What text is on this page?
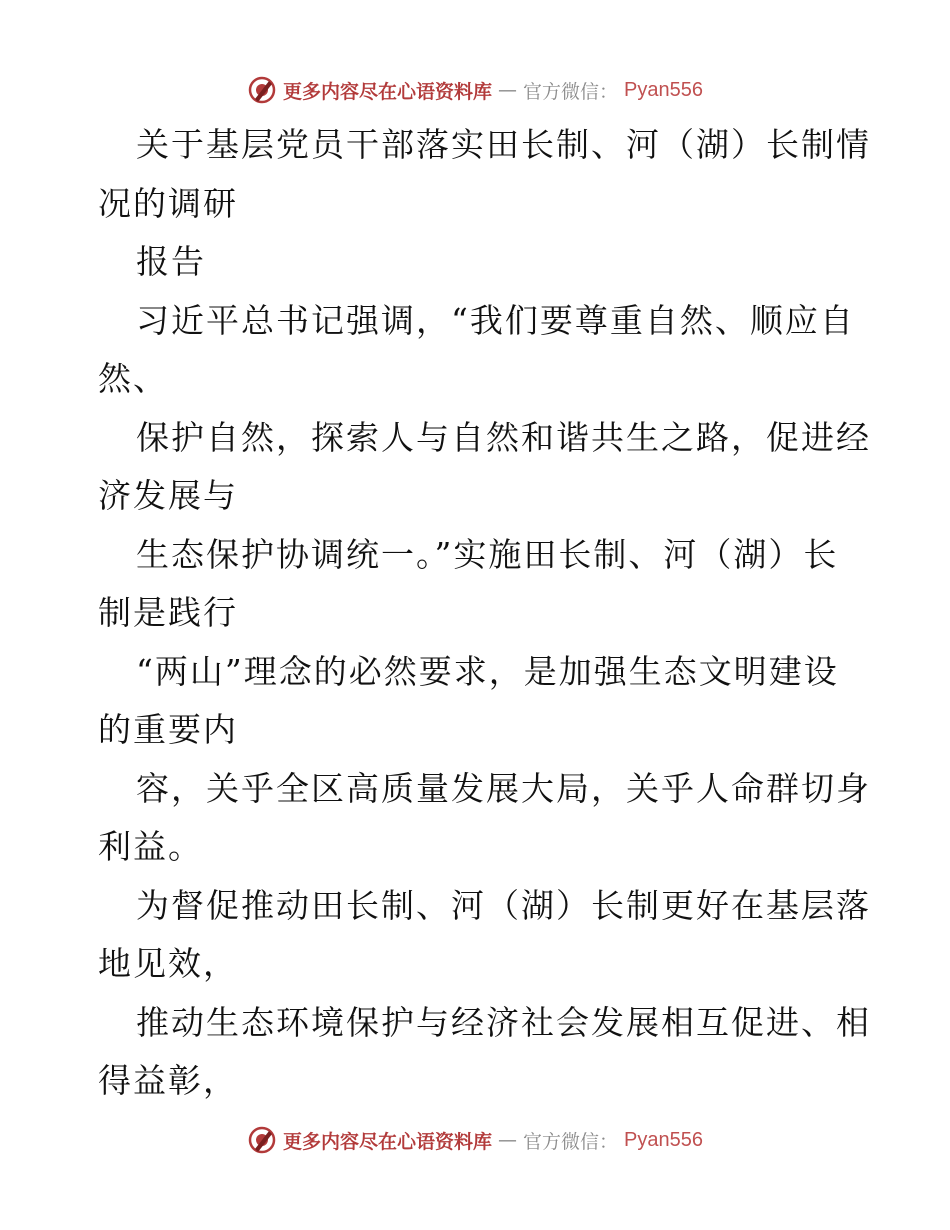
更多内容尽在心语资料库 — 官方微信： Pyan556
关于基层党员干部落实田长制、河（湖）长制情
况的调研
报告
习近平总书记强调，“我们要尊重自然、顺应自
然、
保护自然，探索人与自然和谐共生之路，促进经
济发展与
生态保护协调统一。”实施田长制、河（湖）长
制是践行
“两山”理念的必然要求，是加强生态文明建设
的重要内
容，关乎全区高质量发展大局，关乎人命群切身
利益。
为督促推动田长制、河（湖）长制更好在基层落
地见效，
推动生态环境保护与经济社会发展相互促进、相
得益彰，
更多内容尽在心语资料库 — 官方微信： Pyan556
